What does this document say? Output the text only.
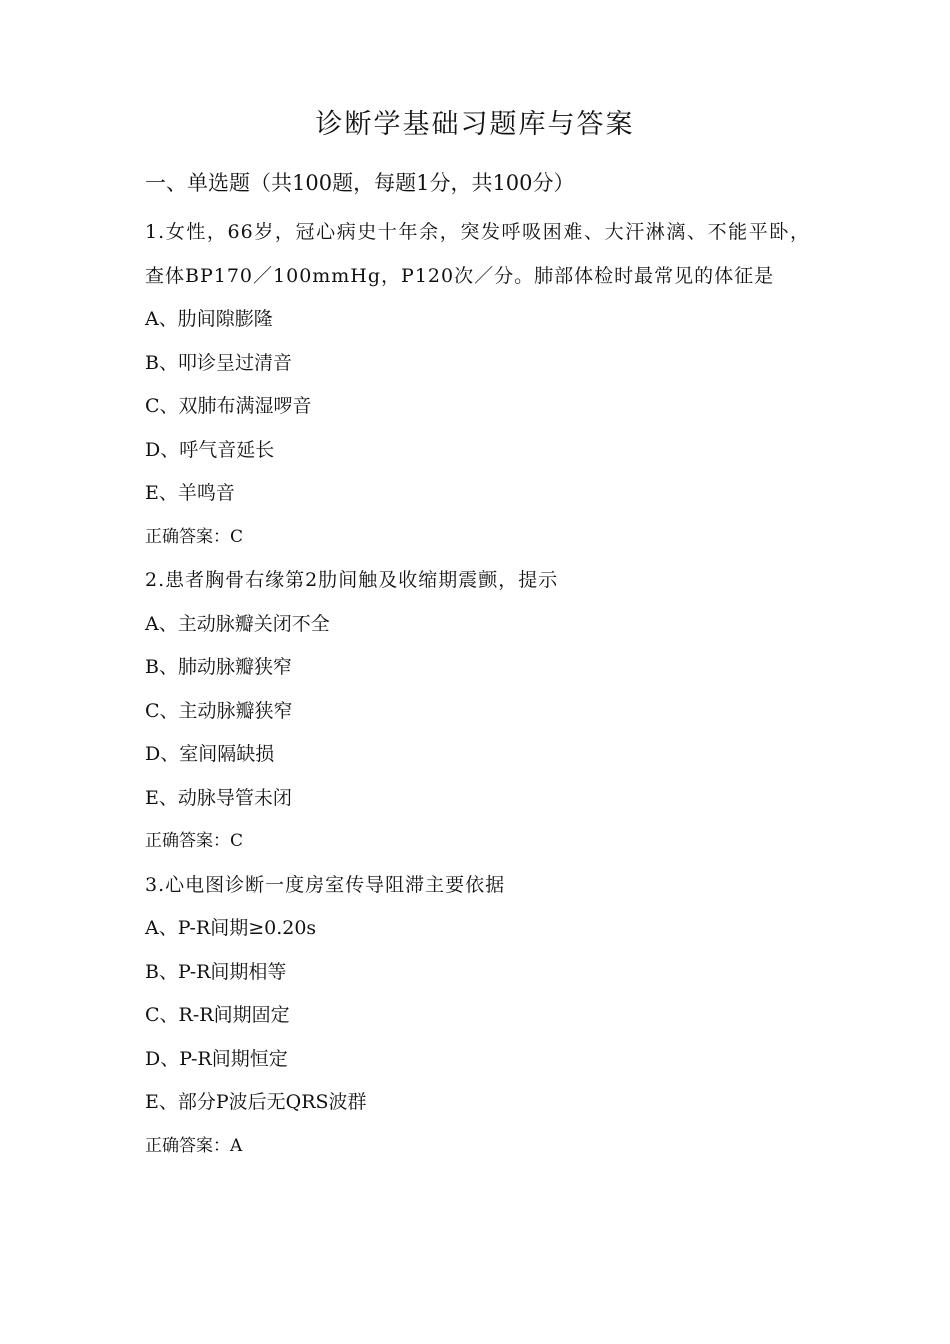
诊断学基础习题库与答案
一、单选题（共100题，每题1分，共100分）

1.女性，66岁，冠心病史十年余，突发呼吸困难、大汗淋漓、不能平卧，查体BP170／100mmHg，P120次／分。肺部体检时最常见的体征是

A、肋间隙膨隆

B、叩诊呈过清音

C、双肺布满湿啰音

D、呼气音延长

E、羊鸣音

正确答案：C

2.患者胸骨右缘第2肋间触及收缩期震颤，提示

A、主动脉瓣关闭不全

B、肺动脉瓣狭窄

C、主动脉瓣狭窄

D、室间隔缺损

E、动脉导管未闭

正确答案：C

3.心电图诊断一度房室传导阻滞主要依据

A、P-R间期≥0.20s

B、P-R间期相等

C、R-R间期固定

D、P-R间期恒定

E、部分P波后无QRS波群

正确答案：A
